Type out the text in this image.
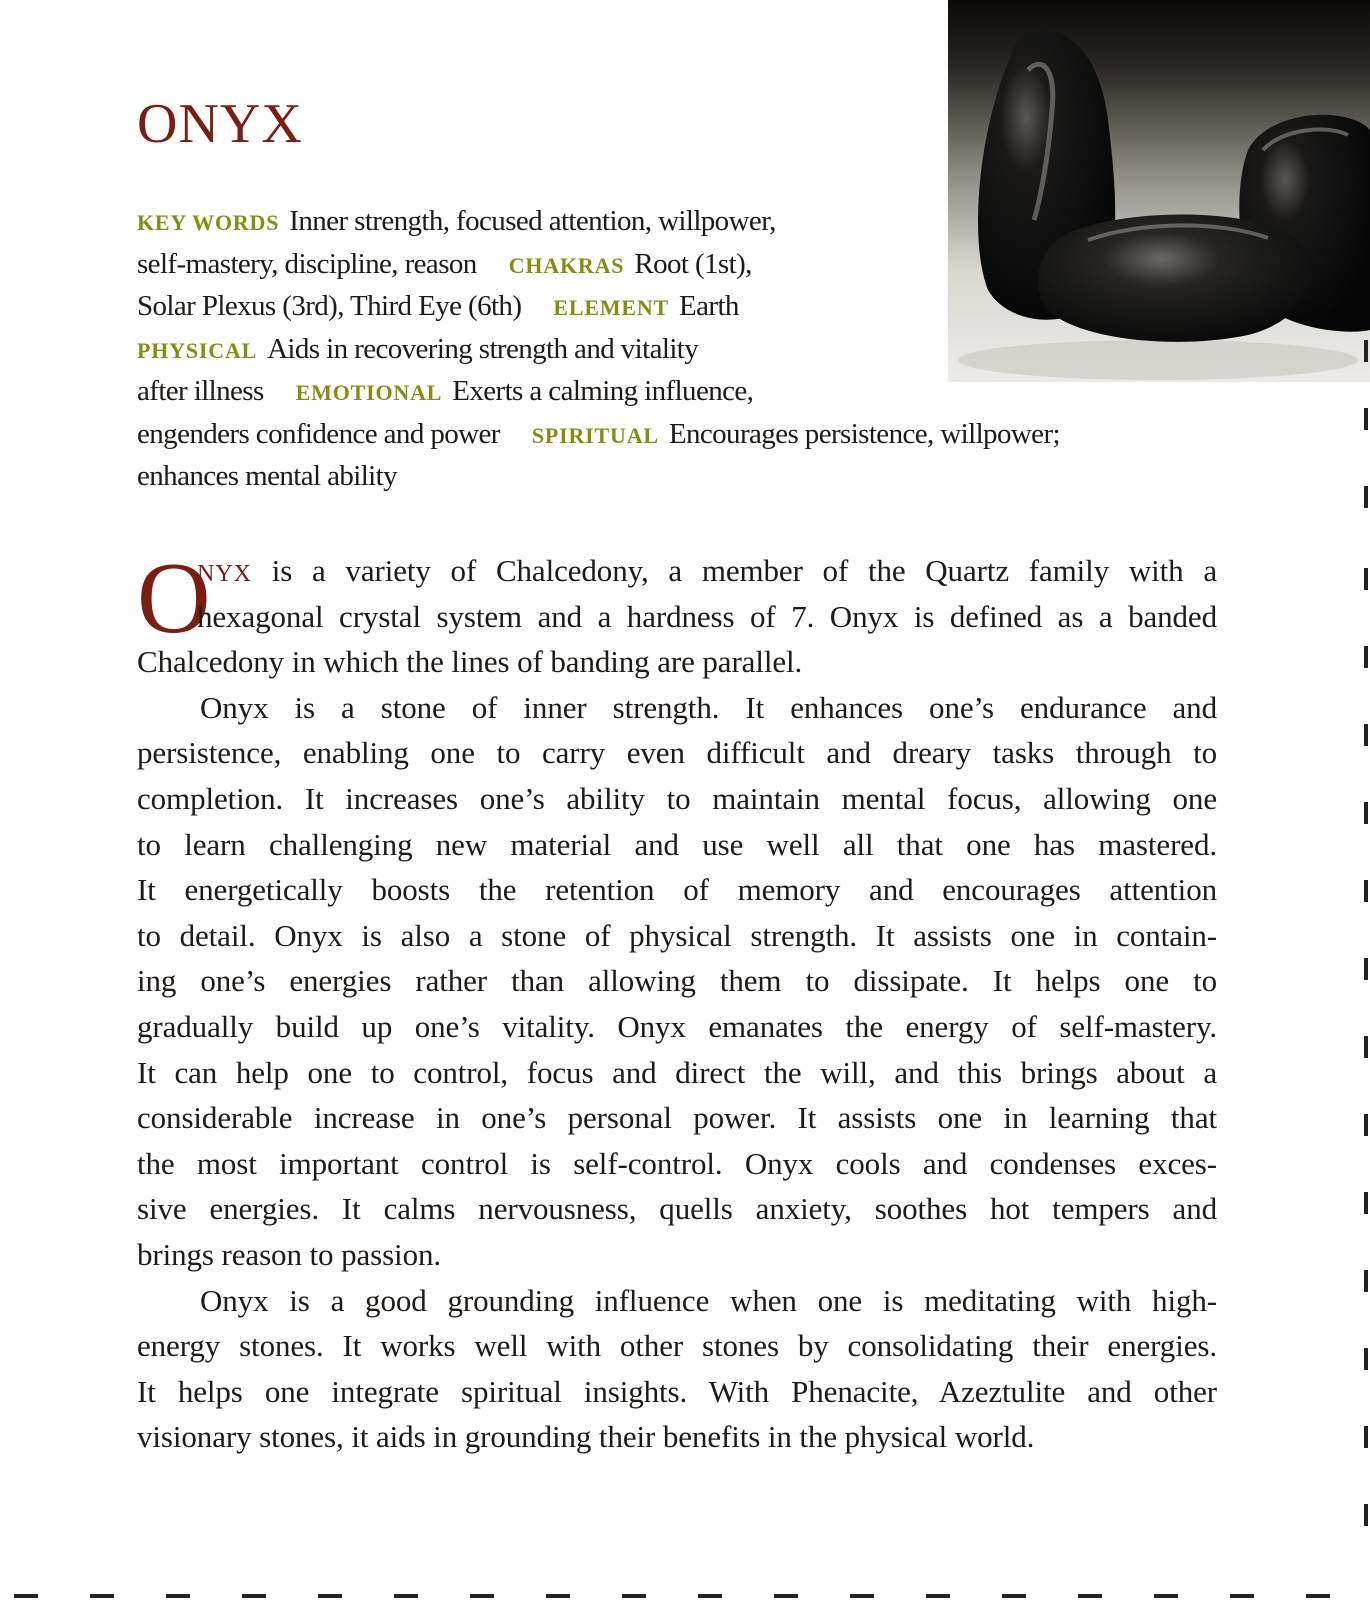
ONYX
KEY WORDS Inner strength, focused attention, willpower,
self-mastery, discipline, reason CHAKRAS Root (1st),
Solar Plexus (3rd), Third Eye (6th) ELEMENT Earth
PHYSICAL Aids in recovering strength and vitality
after illness EMOTIONAL Exerts a calming influence,
engenders confidence and power SPIRITUAL Encourages persistence, willpower;
enhances mental ability
O
NYX is a variety of Chalcedony, a member of the Quartz family with a
hexagonal crystal system and a hardness of 7. Onyx is defined as a banded
Chalcedony in which the lines of banding are parallel.
Onyx is a stone of inner strength. It enhances one’s endurance and
persistence, enabling one to carry even difficult and dreary tasks through to
completion. It increases one’s ability to maintain mental focus, allowing one
to learn challenging new material and use well all that one has mastered.
It energetically boosts the retention of memory and encourages attention
to detail. Onyx is also a stone of physical strength. It assists one in contain-
ing one’s energies rather than allowing them to dissipate. It helps one to
gradually build up one’s vitality. Onyx emanates the energy of self-mastery.
It can help one to control, focus and direct the will, and this brings about a
considerable increase in one’s personal power. It assists one in learning that
the most important control is self-control. Onyx cools and condenses exces-
sive energies. It calms nervousness, quells anxiety, soothes hot tempers and
brings reason to passion.
Onyx is a good grounding influence when one is meditating with high-
energy stones. It works well with other stones by consolidating their energies.
It helps one integrate spiritual insights. With Phenacite, Azeztulite and other
visionary stones, it aids in grounding their benefits in the physical world.
